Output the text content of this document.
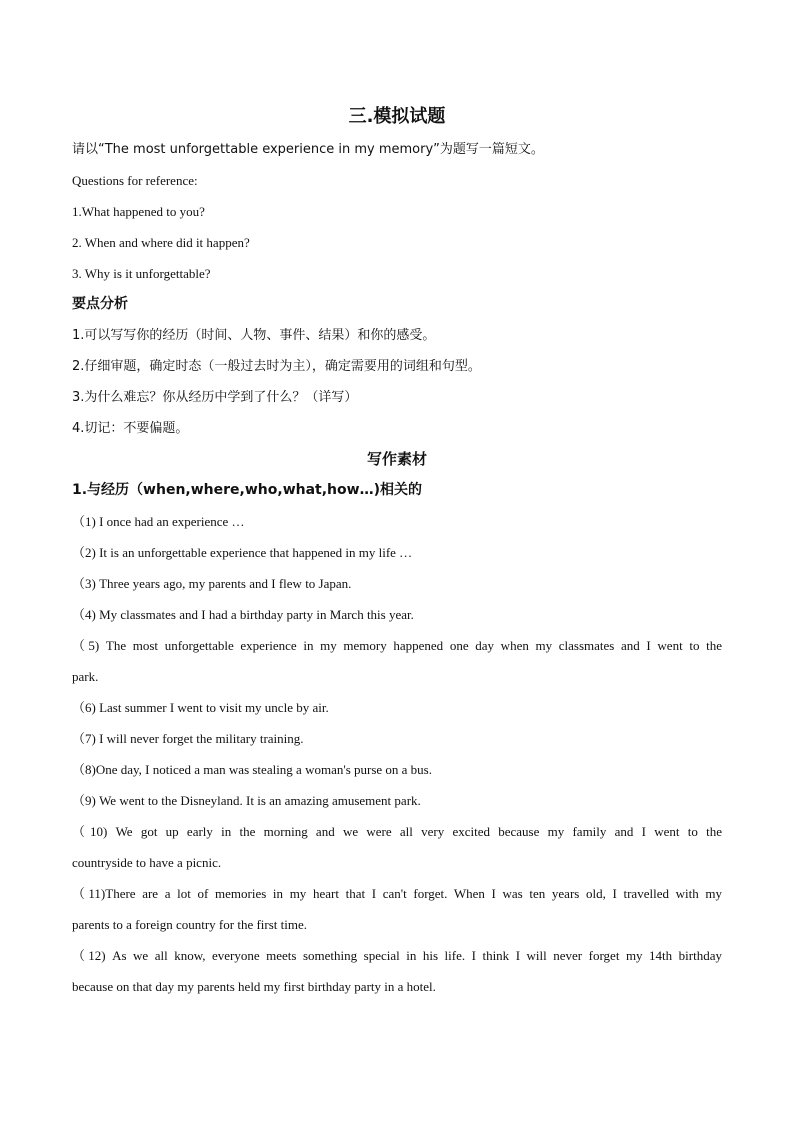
三.模拟试题

请以“The most unforgettable experience in my memory”为题写一篇短文。

Questions for reference:

1.What happened to you?

2. When and where did it happen?

3. Why is it unforgettable?

要点分析

1.可以写写你的经历（时间、人物、事件、结果）和你的感受。

2.仔细审题，确定时态（一般过去时为主），确定需要用的词组和句型。

3.为什么难忘？你从经历中学到了什么？（详写）

4.切记：不要偏题。

写作素材

1.与经历（when,where,who,what,how…)相关的

（1) I once had an experience …

（2) It is an unforgettable experience that happened in my life …

（3) Three years ago, my parents and I flew to Japan.

（4) My classmates and I had a birthday party in March this year.

（5) The most unforgettable experience in my memory happened one day when my classmates and I went to the

park.

（6) Last summer I went to visit my uncle by air.

（7) I will never forget the military training.

（8)One day, I noticed a man was stealing a woman's purse on a bus.

（9) We went to the Disneyland. It is an amazing amusement park.

（10) We got up early in the morning and we were all very excited because my family and I went to the

countryside to have a picnic.

（11)There are a lot of memories in my heart that I can't forget. When I was ten years old, I travelled with my

parents to a foreign country for the first time.

（12) As we all know, everyone meets something special in his life. I think I will never forget my 14th birthday

because on that day my parents held my first birthday party in a hotel.
